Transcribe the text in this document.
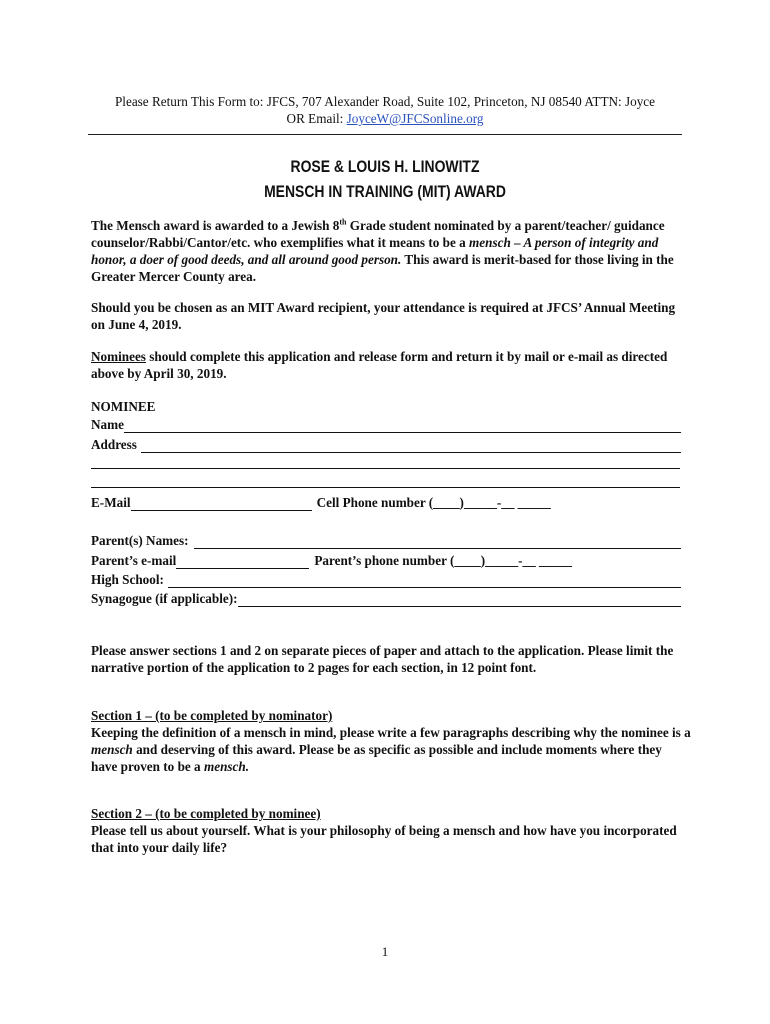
Please Return This Form to: JFCS, 707 Alexander Road, Suite 102, Princeton, NJ 08540 ATTN: Joyce
OR Email: JoyceW@JFCSonline.org
ROSE & LOUIS H. LINOWITZ
MENSCH IN TRAINING (MIT) AWARD
The Mensch award is awarded to a Jewish 8th Grade student nominated by a parent/teacher/ guidance counselor/Rabbi/Cantor/etc. who exemplifies what it means to be a mensch – A person of integrity and honor, a doer of good deeds, and all around good person. This award is merit-based for those living in the Greater Mercer County area.
Should you be chosen as an MIT Award recipient, your attendance is required at JFCS’ Annual Meeting on June 4, 2019.
Nominees should complete this application and release form and return it by mail or e-mail as directed above by April 30, 2019.
NOMINEE
Name
Address
E-Mail	Cell Phone number (____)_____-__ _____
Parent(s) Names:
Parent’s e-mail	Parent’s phone number (____)_____-__ _____
High School:
Synagogue (if applicable):
Please answer sections 1 and 2 on separate pieces of paper and attach to the application. Please limit the narrative portion of the application to 2 pages for each section, in 12 point font.
Section 1 – (to be completed by nominator)
Keeping the definition of a mensch in mind, please write a few paragraphs describing why the nominee is a mensch and deserving of this award. Please be as specific as possible and include moments where they have proven to be a mensch.
Section 2 – (to be completed by nominee)
Please tell us about yourself. What is your philosophy of being a mensch and how have you incorporated that into your daily life?
1
